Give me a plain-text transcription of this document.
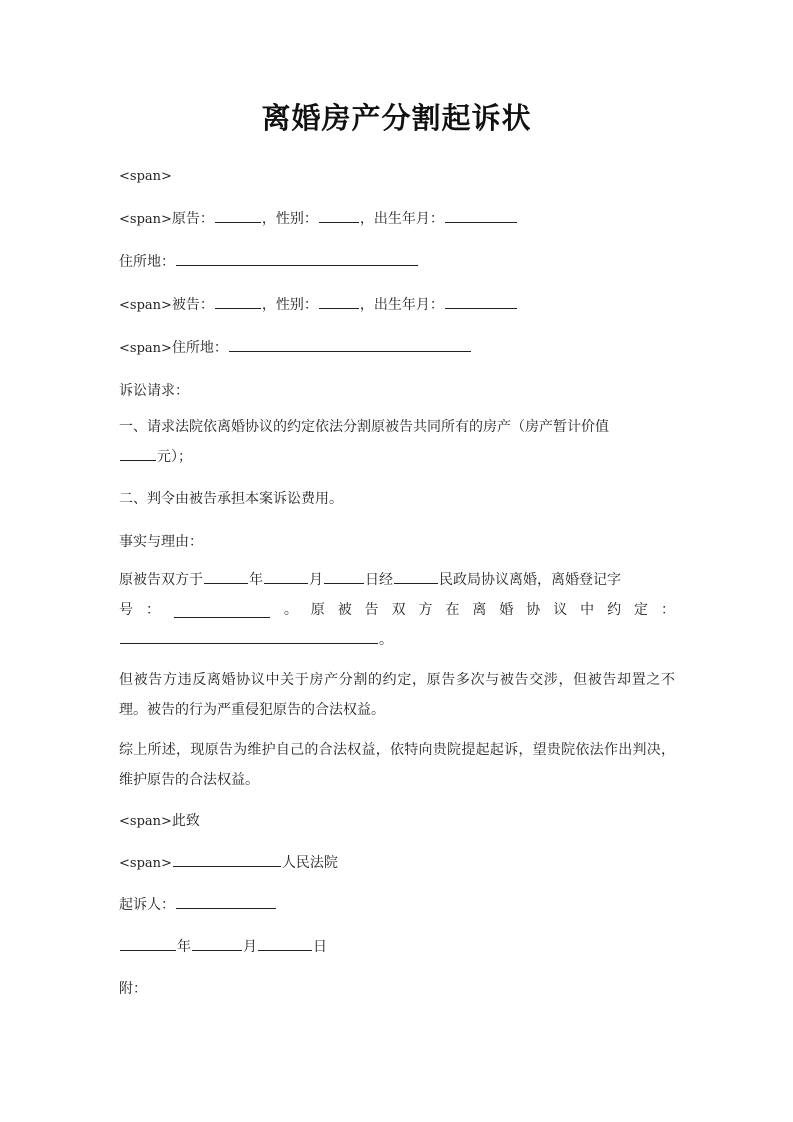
离婚房产分割起诉状
<span>
<span>原告：	，性别：	，出生年月：
住所地：
<span>被告：	，性别：	，出生年月：
<span>住所地：
诉讼请求：
一、请求法院依离婚协议的约定依法分割原被告共同所有的房产（房产暂计价值
元）；
二、判令由被告承担本案诉讼费用。
事实与理由：
原被告双方于	年	月	日经	民政局协议离婚，离婚登记字
号 ：	。 原 被 告 双 方 在 离 婚 协 议 中 约 定 ：
。
但被告方违反离婚协议中关于房产分割的约定，原告多次与被告交涉，但被告却置之不理。被告的行为严重侵犯原告的合法权益。
综上所述，现原告为维护自己的合法权益，依特向贵院提起起诉，望贵院依法作出判决，维护原告的合法权益。
<span>此致
<span>	人民法院
起诉人：
年	月	日
附：
